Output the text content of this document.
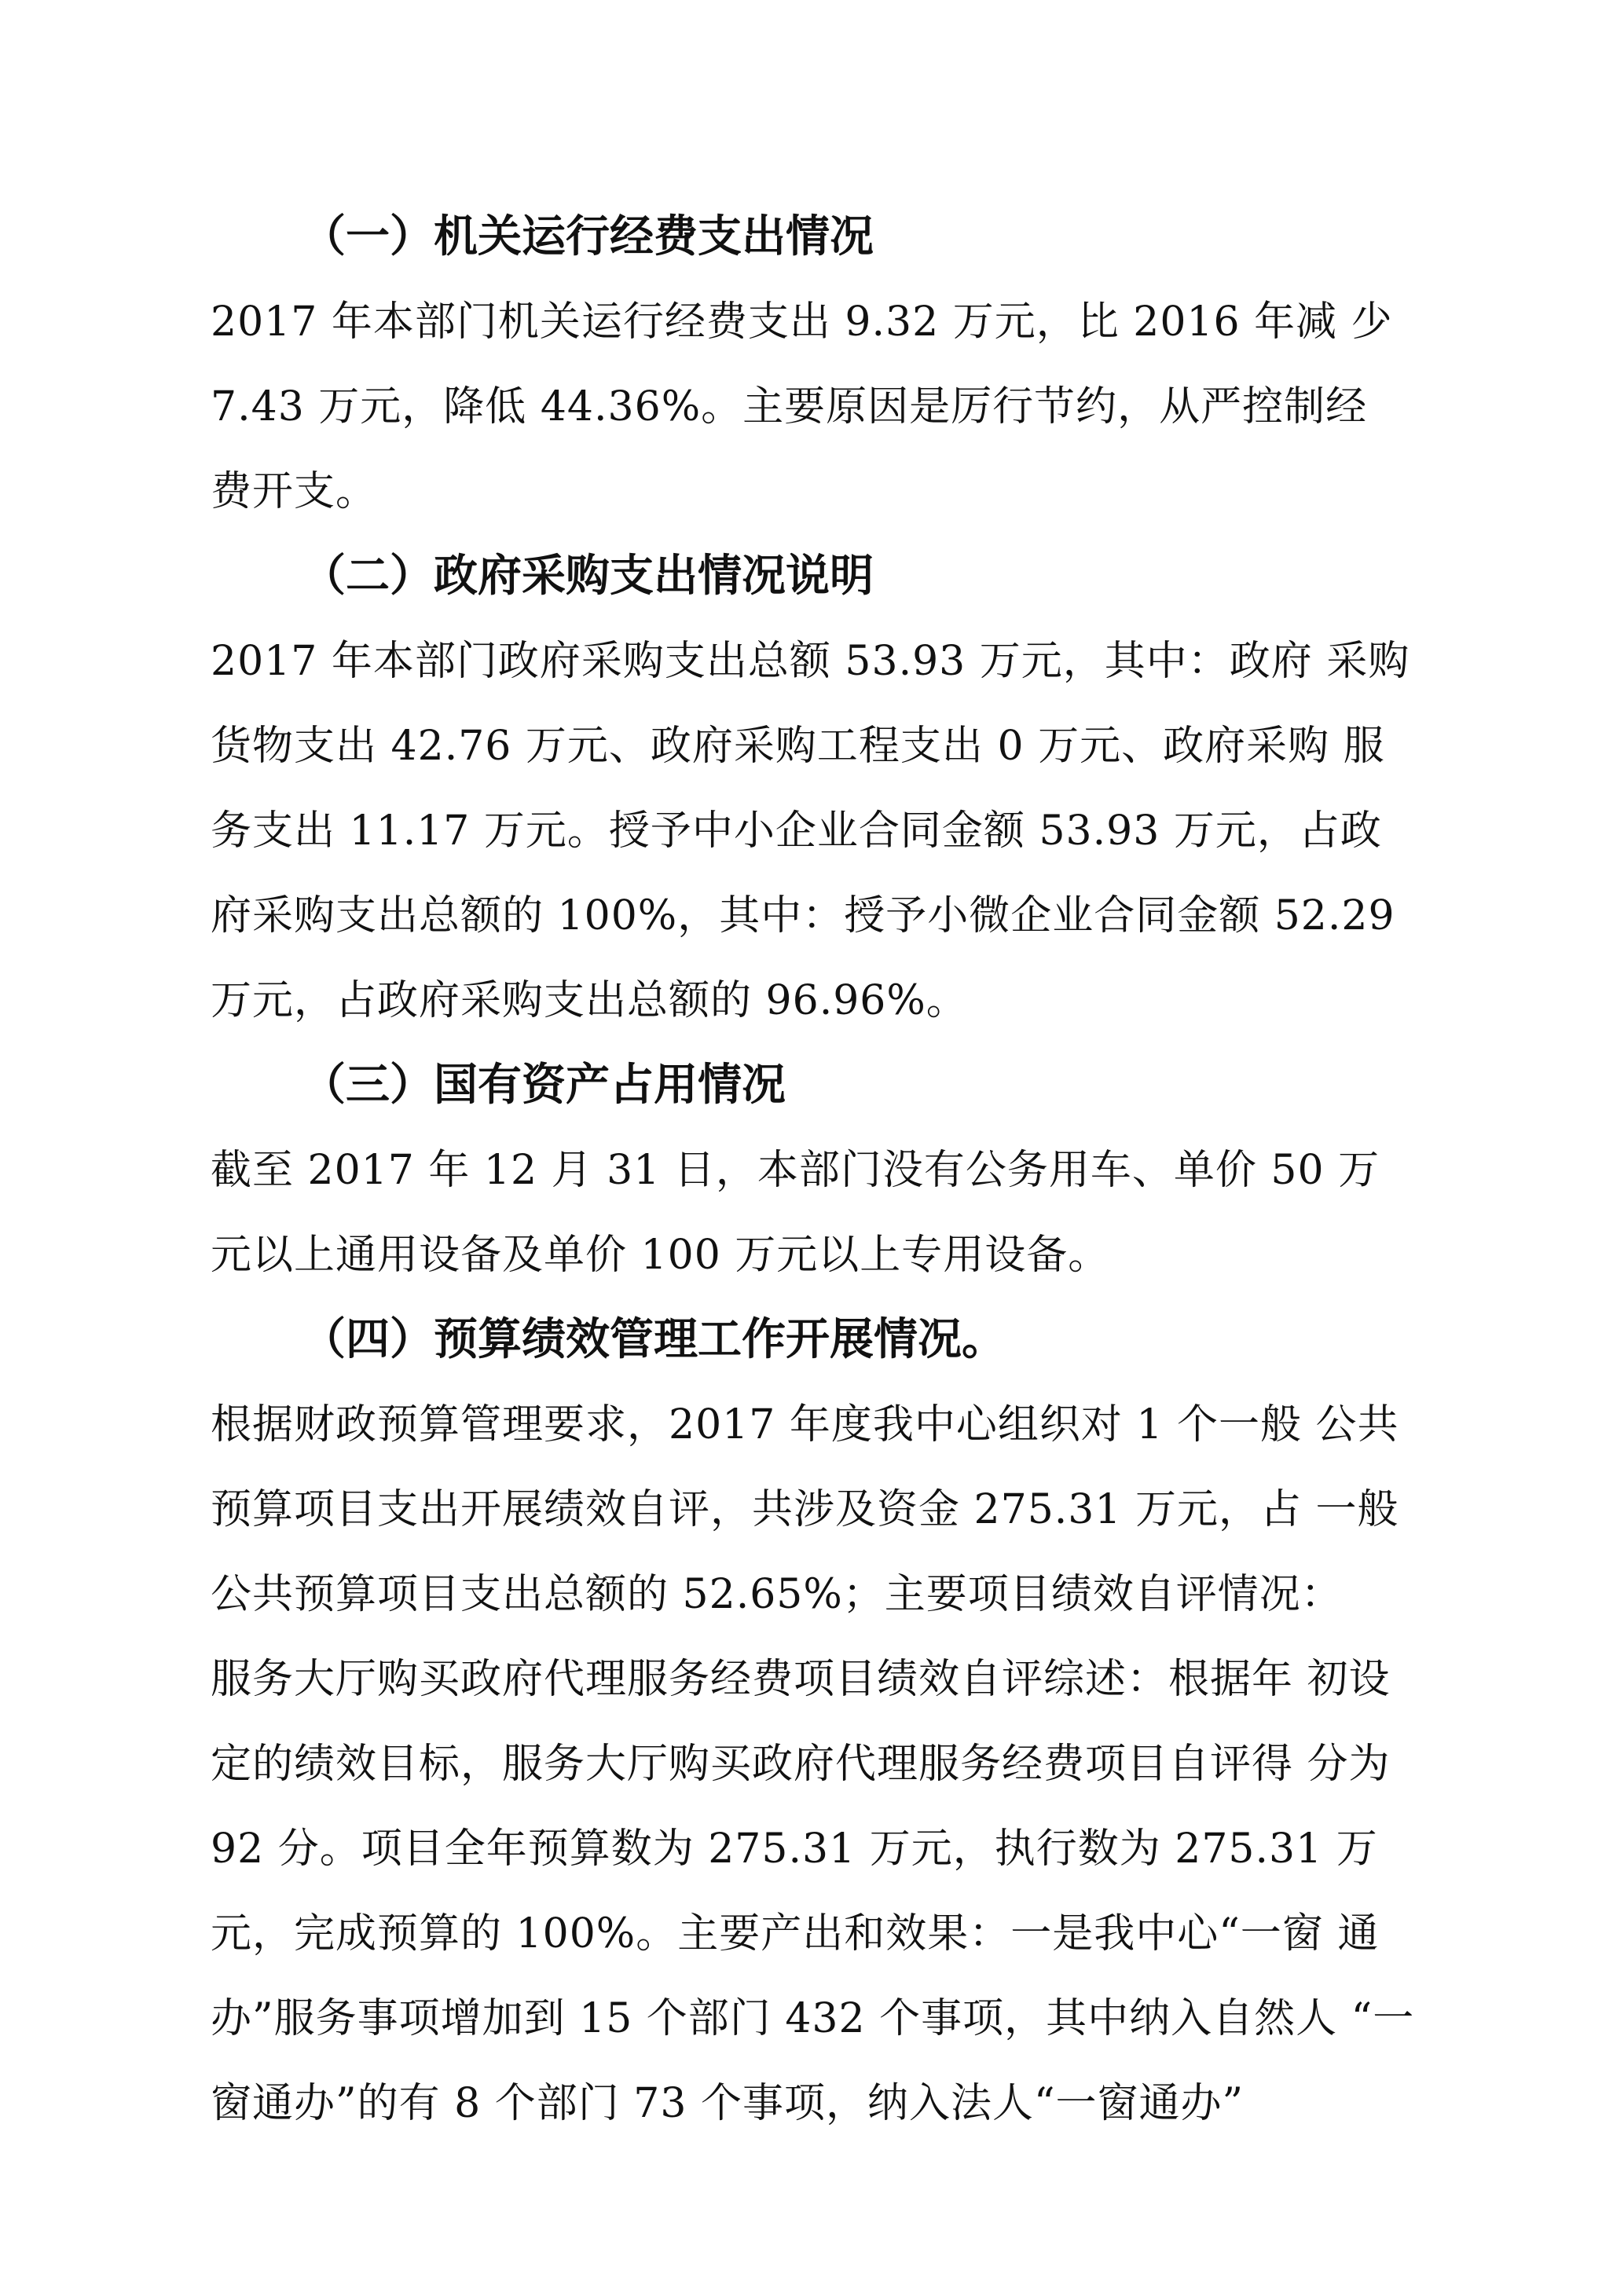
（一）机关运行经费支出情况
2017 年本部门机关运行经费支出 9.32 万元，比 2016 年减 少 7.43 万元，降低 44.36%。主要原因是厉行节约，从严控制经 费开支。
（二）政府采购支出情况说明
2017 年本部门政府采购支出总额 53.93 万元，其中：政府 采购货物支出 42.76 万元、政府采购工程支出 0 万元、政府采购 服务支出 11.17 万元。授予中小企业合同金额 53.93 万元，占政 府采购支出总额的 100%，其中：授予小微企业合同金额 52.29 万元，占政府采购支出总额的 96.96%。
（三）国有资产占用情况
截至 2017 年 12 月 31 日，本部门没有公务用车、单价 50 万 元以上通用设备及单价 100 万元以上专用设备。
（四）预算绩效管理工作开展情况。
根据财政预算管理要求，2017 年度我中心组织对 1 个一般 公共预算项目支出开展绩效自评，共涉及资金 275.31 万元，占 一般公共预算项目支出总额的 52.65%；主要项目绩效自评情况：
服务大厅购买政府代理服务经费项目绩效自评综述：根据年 初设定的绩效目标，服务大厅购买政府代理服务经费项目自评得 分为 92 分。项目全年预算数为 275.31 万元，执行数为 275.31 万元，完成预算的 100%。主要产出和效果：一是我中心“一窗 通办”服务事项增加到 15 个部门 432 个事项，其中纳入自然人 “一窗通办”的有 8 个部门 73 个事项，纳入法人“一窗通办”
